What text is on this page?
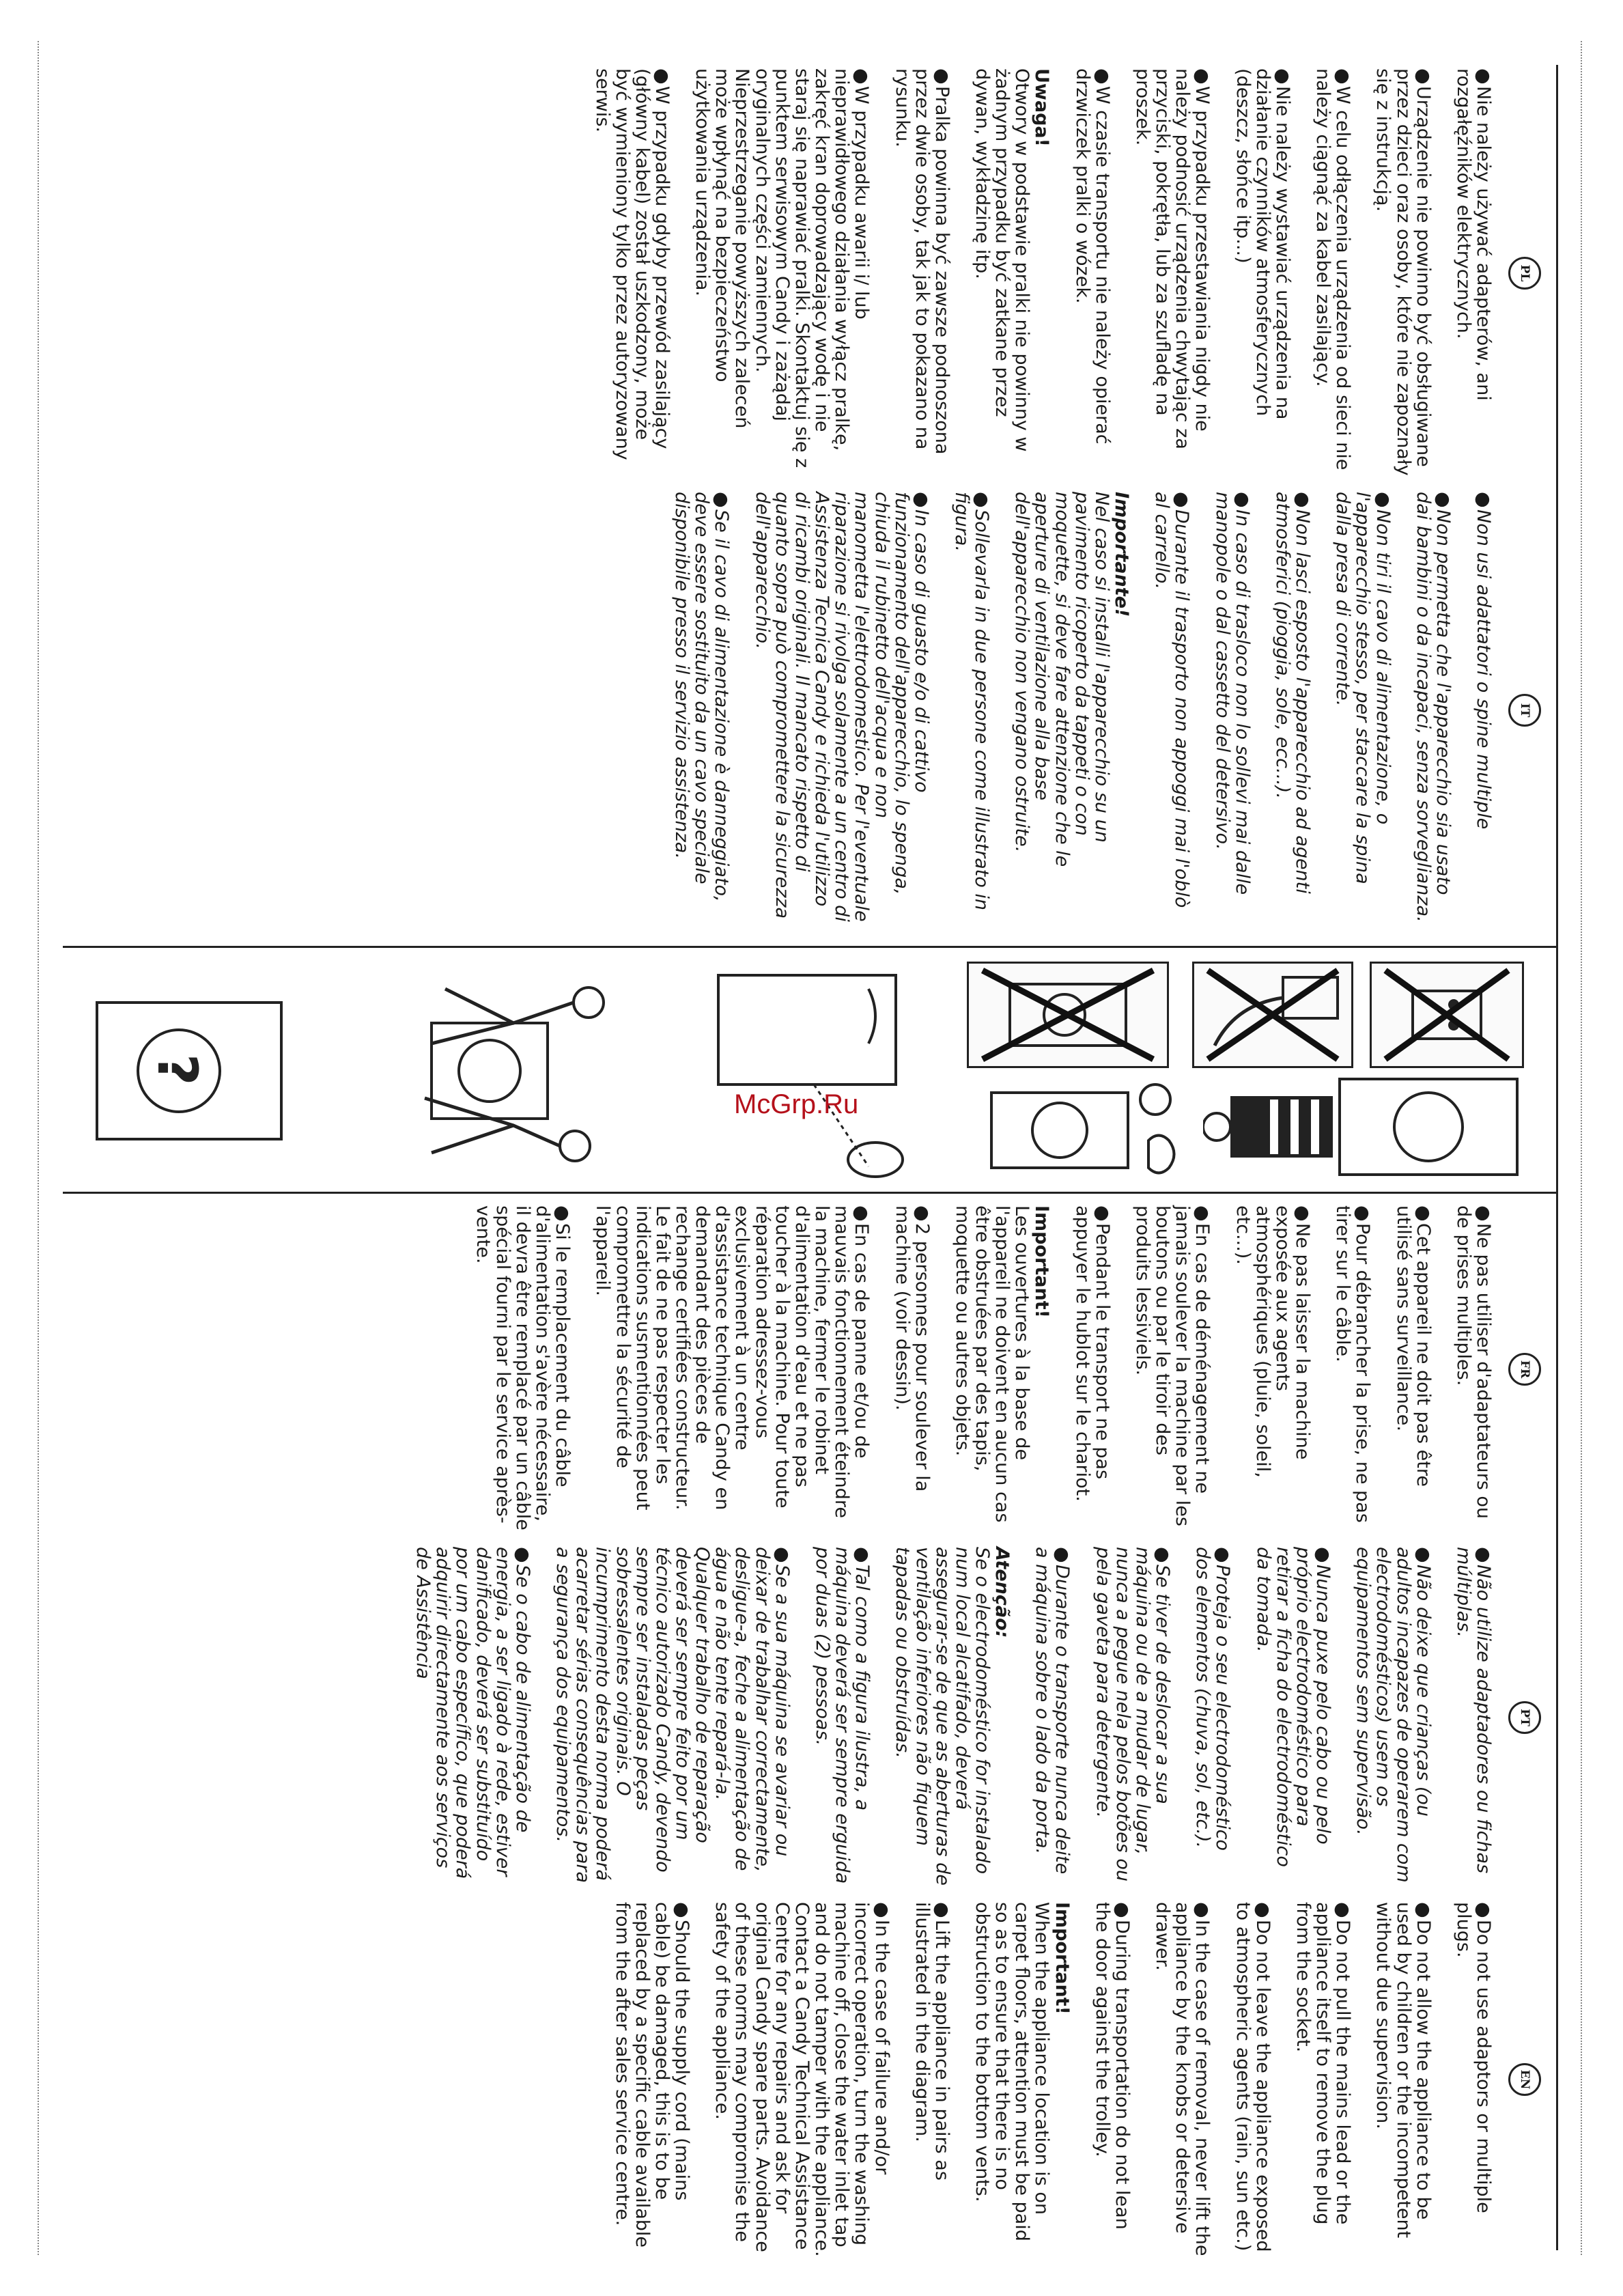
PL
●Nie należy używać adapterów, ani rozgałęźników elektrycznych.
●Urządzenie nie powinno być obsługiwane przez dzieci oraz osoby, które nie zapoznały się z instrukcją.
●W celu odłączenia urządzenia od sieci nie należy ciągnąć za kabel zasilający.
●Nie należy wystawiać urządzenia na działanie czynników atmosferycznych (deszcz, słońce itp...)
●W przypadku przestawiania nigdy nie należy podnosić urządzenia chwytając za przyciski, pokrętła, lub za szufladę na proszek.
●W czasie transportu nie należy opierać drzwiczek pralki o wózek.
Uwaga!
Otwory w podstawie pralki nie powinny w żadnym przypadku być zatkane przez dywan, wykładzinę itp.
●Pralka powinna być zawsze podnoszona przez dwie osoby, tak jak to pokazano na rysunku.
●W przypadku awarii i/ lub nieprawidłowego działania wyłącz pralkę, zakręć kran doprowadzający wodę i nie staraj się naprawiać pralki. Skontaktuj się z punktem serwisowym Candy i zażądaj oryginalnych części zamiennych. Nieprzestrzeganie powyższych zaleceń może wpłynąć na bezpieczeństwo użytkowania urządzenia.
●W przypadku gdyby przewód zasilający (główny kabel) został uszkodzony, może być wymieniony tylko przez autoryzowany serwis.
IT
●Non usi adattatori o spine multiple
●Non permetta che l'apparecchio sia usato dai bambini o da incapaci, senza sorveglianza.
●Non tiri il cavo di alimentazione, o l'apparecchio stesso, per staccare la spina dalla presa di corrente.
●Non lasci esposto l'apparecchio ad agenti atmosferici (pioggia, sole, ecc...).
●In caso di trasloco non lo sollevi mai dalle manopole o dal cassetto del detersivo.
●Durante il trasporto non appoggi mai l'oblò al carrello.
Importante!
Nel caso si installi l'apparecchio su un pavimento ricoperto da tappeti o con moquette, si deve fare attenzione che le aperture di ventilazione alla base dell'apparecchio non vengano ostruite.
●Sollevarla in due persone come illustrato in figura.
●In caso di guasto e/o di cattivo funzionamento dell'apparecchio, lo spenga, chiuda il rubinetto dell'acqua e non manometta l'elettrodomestico. Per l'eventuale riparazione si rivolga solamente a un centro di Assistenza Tecnica Candy e richieda l'utilizzo di ricambi originali. Il mancato rispetto di quanto sopra può compromettere la sicurezza dell'apparecchio.
●Se il cavo di alimentazione è danneggiato, deve essere sostituito da un cavo speciale disponibile presso il servizio assistenza.
?
FR
●Ne pas utiliser d'adaptateurs ou de prises multiples.
●Cet appareil ne doit pas être utilisé sans surveillance.
●Pour débrancher la prise, ne pas tirer sur le câble.
●Ne pas laisser la machine exposée aux agents atmosphériques (pluie, soleil, etc...).
●En cas de déménagement ne jamais soulever la machine par les boutons ou par le tiroir des produits lessiviels.
●Pendant le transport ne pas appuyer le hublot sur le chariot.
Important!
Les ouvertures à la base de l'appareil ne doivent en aucun cas être obstruées par des tapis, moquette ou autres objets.
●2 personnes pour soulever la machine (voir dessin).
●En cas de panne et/ou de mauvais fonctionnement éteindre la machine, fermer le robinet d'alimentation d'eau et ne pas toucher à la machine. Pour toute réparation adressez-vous exclusivement à un centre d'assistance technique Candy en demandant des pièces de rechange certifiées constructeur. Le fait de ne pas respecter les indications susmentionnées peut compromettre la sécurité de l'appareil.
●Si le remplacement du câble d'alimentation s'avère nécessaire, il devra être remplacé par un câble spécial fourni par le service après-vente.
PT
●Não utilize adaptadores ou fichas múltiplas.
●Não deixe que crianças (ou adultos incapazes de operarem com electrodomésticos) usem os equipamentos sem supervisão.
●Nunca puxe pelo cabo ou pelo próprio electrodoméstico para retirar a ficha do electrodoméstico da tomada.
●Proteja o seu electrodoméstico dos elementos (chuva, sol, etc.).
●Se tiver de deslocar a sua máquina ou de a mudar de lugar, nunca a pegue nela pelos botões ou pela gaveta para detergente.
●Durante o transporte nunca deite a máquina sobre o lado da porta.
Atenção:
Se o electrodoméstico for instalado num local alcatifado, deverá assegurar-se de que as aberturas de ventilação inferiores não fiquem tapadas ou obstruídas.
●Tal como a figura ilustra, a máquina deverá ser sempre erguida por duas (2) pessoas.
●Se a sua máquina se avariar ou deixar de trabalhar correctamente, desligue-a, feche a alimentação de água e não tente repará-la. Qualquer trabalho de reparação deverá ser sempre feito por um técnico autorizado Candy, devendo sempre ser instaladas peças sobressalentes originais. O incumprimento desta norma poderá acarretar sérias consequências para a segurança dos equipamentos.
●Se o cabo de alimentação de energia, a ser ligado à rede, estiver danificado, deverá ser substituído por um cabo específico, que poderá adquirir directamente aos serviços de Assistência
EN
●Do not use adaptors or multiple plugs.
●Do not allow the appliance to be used by children or the incompetent without due supervision.
●Do not pull the mains lead or the appliance itself to remove the plug from the socket.
●Do not leave the appliance exposed to atmospheric agents (rain, sun etc.)
●In the case of removal, never lift the appliance by the knobs or detersive drawer.
●During transportation do not lean the door against the trolley.
Important!
When the appliance location is on carpet floors, attention must be paid so as to ensure that there is no obstruction to the bottom vents.
●Lift the appliance in pairs as illustrated in the diagram.
●In the case of failure and/or incorrect operation, turn the washing machine off, close the water inlet tap and do not tamper with the appliance. Contact a Candy Technical Assistance Centre for any repairs and ask for original Candy spare parts. Avoidance of these norms may compromise the safety of the appliance.
●Should the supply cord (mains cable) be damaged, this is to be replaced by a specific cable available from the after sales service centre.
McGrp.Ru
